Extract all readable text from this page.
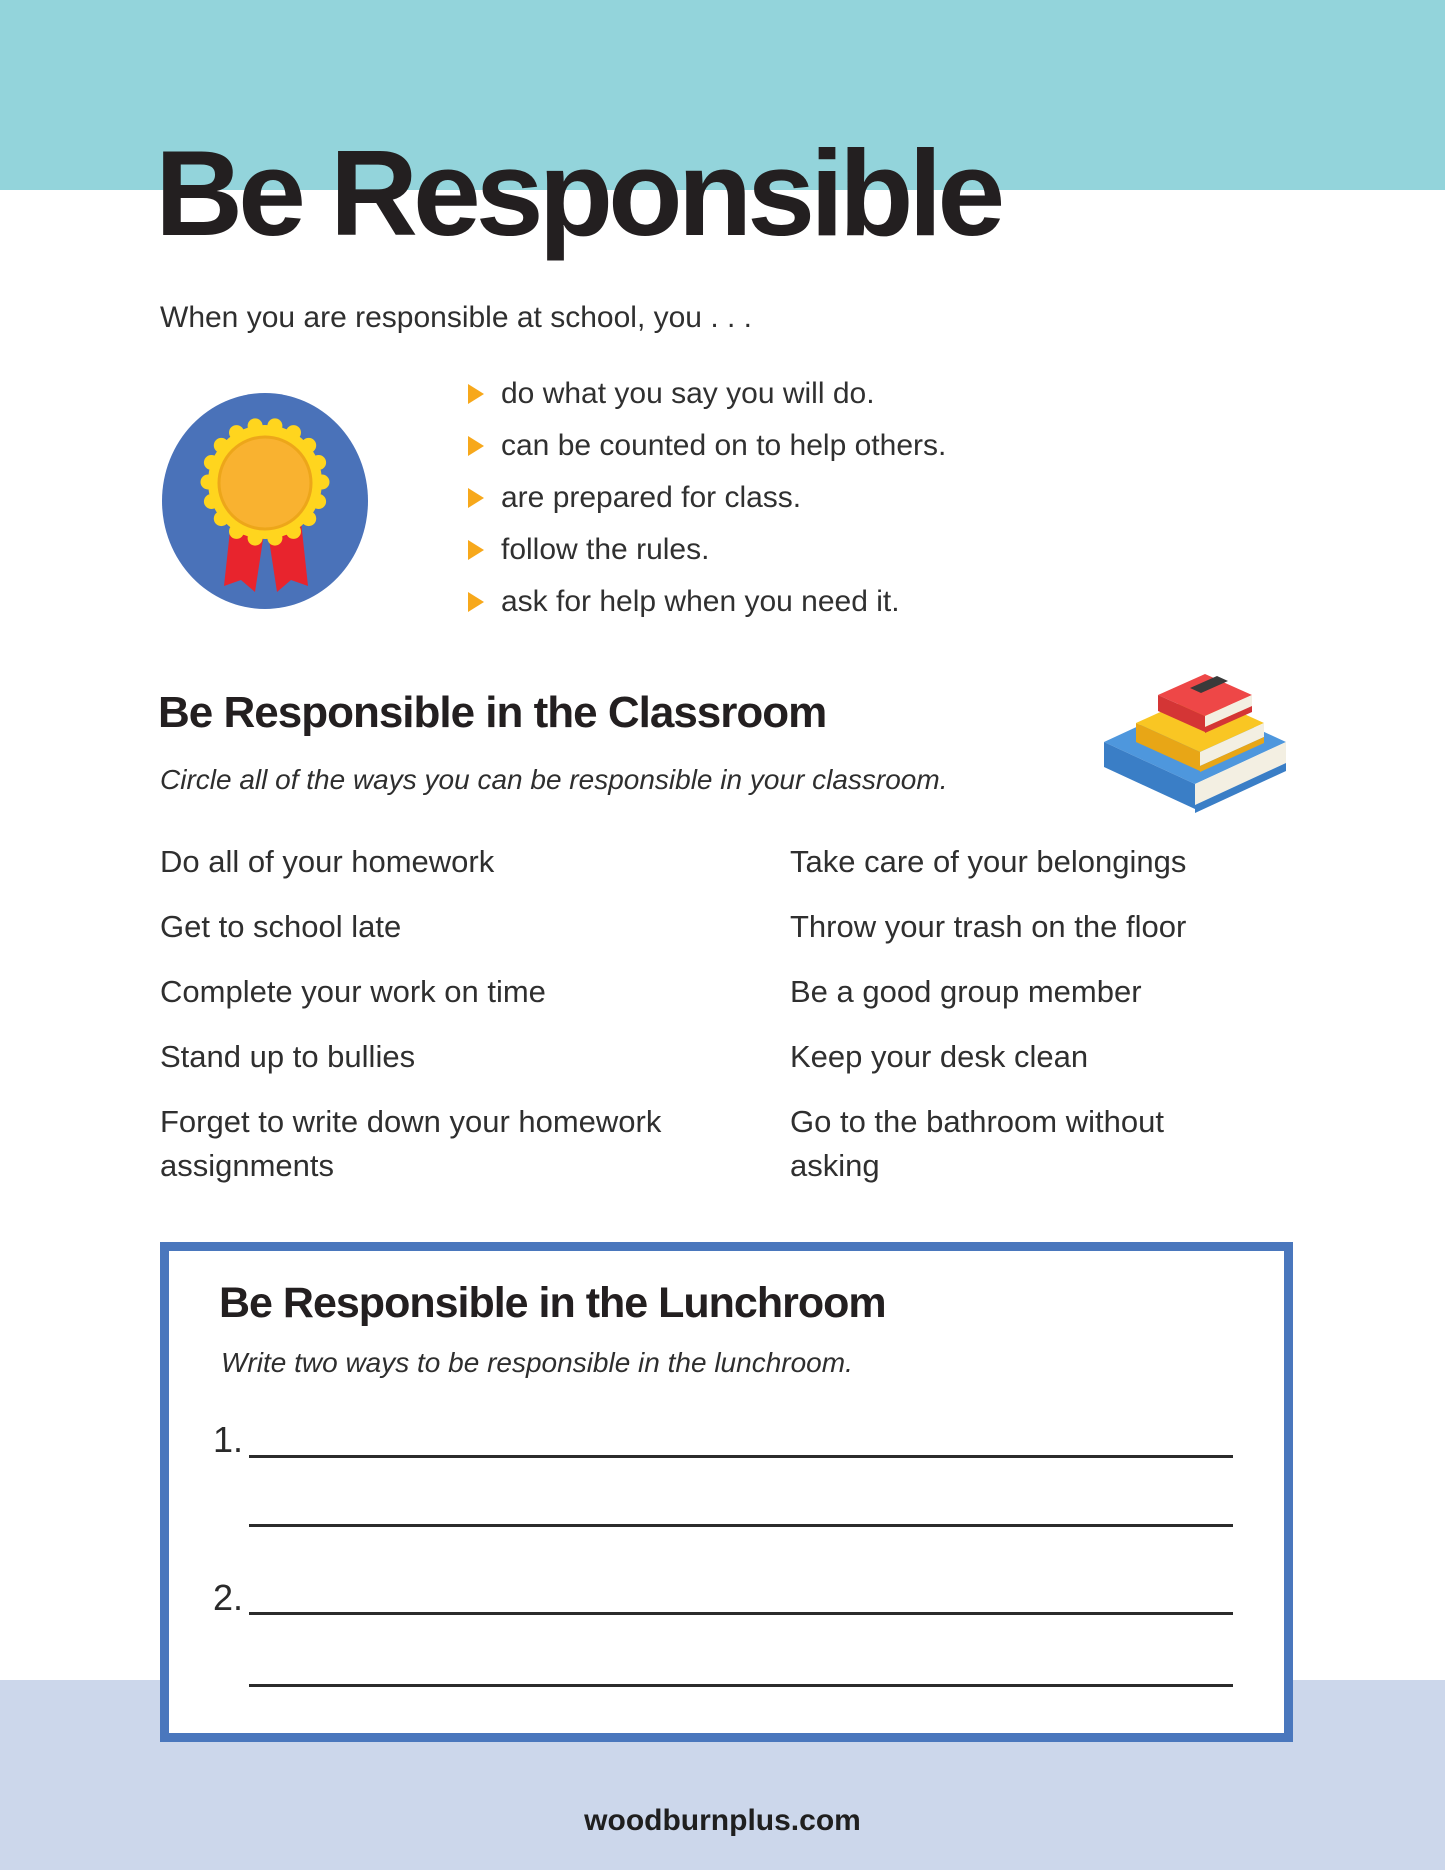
Be Responsible
When you are responsible at school, you . . .
do what you say you will do.
can be counted on to help others.
are prepared for class.
follow the rules.
ask for help when you need it.
Be Responsible in the Classroom
Circle all of the ways you can be responsible in your classroom.
Do all of your homework
Get to school late
Complete your work on time
Stand up to bullies
Forget to write down your homework assignments
Take care of your belongings
Throw your trash on the floor
Be a good group member
Keep your desk clean
Go to the bathroom without asking
Be Responsible in the Lunchroom
Write two ways to be responsible in the lunchroom.
1.
2.
woodburnplus.com
